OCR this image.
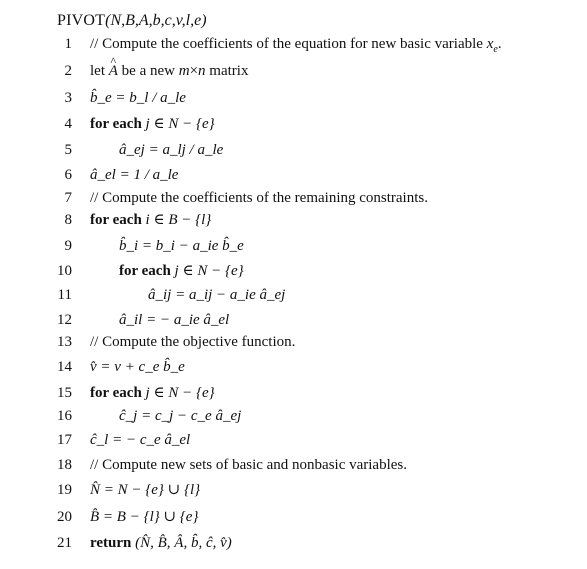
PIVOT(N,B,A,b,c,v,l,e)
1 // Compute the coefficients of the equation for new basic variable $x_e$.
2 let ^ A be a new m×n matrix
3 b̂_e = b_l / a_le
4 for each j ∈ N − {e}
5	â_ej = a_lj / a_le
6 â_el = 1 / a_le
7 // Compute the coefficients of the remaining constraints.
8 for each i ∈ B − {l}
9	b̂_i = b_i − a_ie b̂_e
10	for each j ∈ N − {e}
11	â_ij = a_ij − a_ie â_ej
12	â_il = − a_ie â_el
13 // Compute the objective function.
14 v̂ = v + c_e b̂_e
15 for each j ∈ N − {e}
16	ĉ_j = c_j − c_e â_ej
17 ĉ_l = − c_e â_el
18 // Compute new sets of basic and nonbasic variables.
19 N̂ = N − {e} ∪ {l}
20 B̂ = B − {l} ∪ {e}
21 return (N̂, B̂, Â, b̂, ĉ, v̂)
